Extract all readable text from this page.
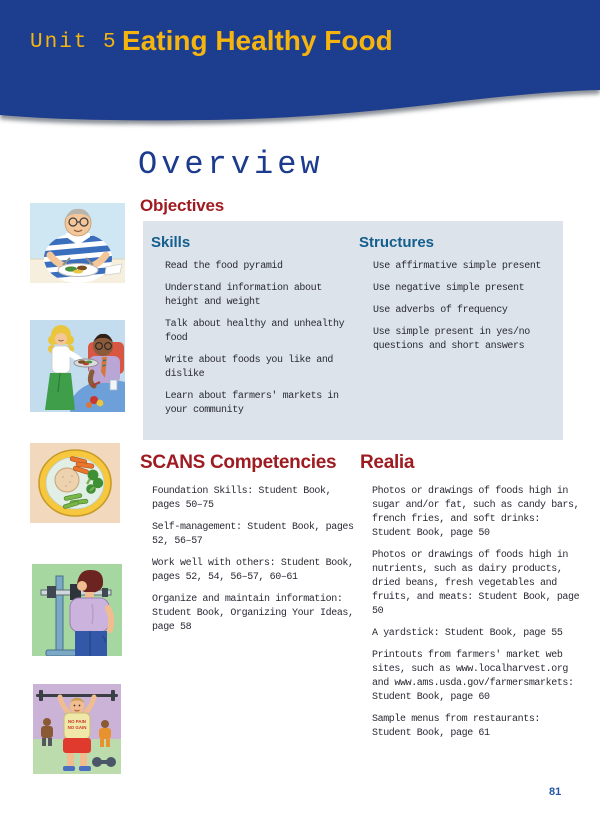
Unit 5 Eating Healthy Food
NO PAIN
NO GAIN
Overview
Objectives
Skills
Read the food pyramid
Understand information about height and weight
Talk about healthy and unhealthy food
Write about foods you like and dislike
Learn about farmers' markets in your community
Structures
Use affirmative simple present
Use negative simple present
Use adverbs of frequency
Use simple present in yes/no questions and short answers
SCANS Competencies
Foundation Skills: Student Book, pages 50–75
Self-management: Student Book, pages 52, 56–57
Work well with others: Student Book, pages 52, 54, 56–57, 60–61
Organize and maintain information: Student Book, Organizing Your Ideas, page 58
Realia
Photos or drawings of foods high in sugar and/or fat, such as candy bars, french fries, and soft drinks: Student Book, page 50
Photos or drawings of foods high in nutrients, such as dairy products, dried beans, fresh vegetables and fruits, and meats: Student Book, page 50
A yardstick: Student Book, page 55
Printouts from farmers' market web sites, such as www.localharvest.org and www.ams.usda.gov/farmersmarkets: Student Book, page 60
Sample menus from restaurants: Student Book, page 61
81
